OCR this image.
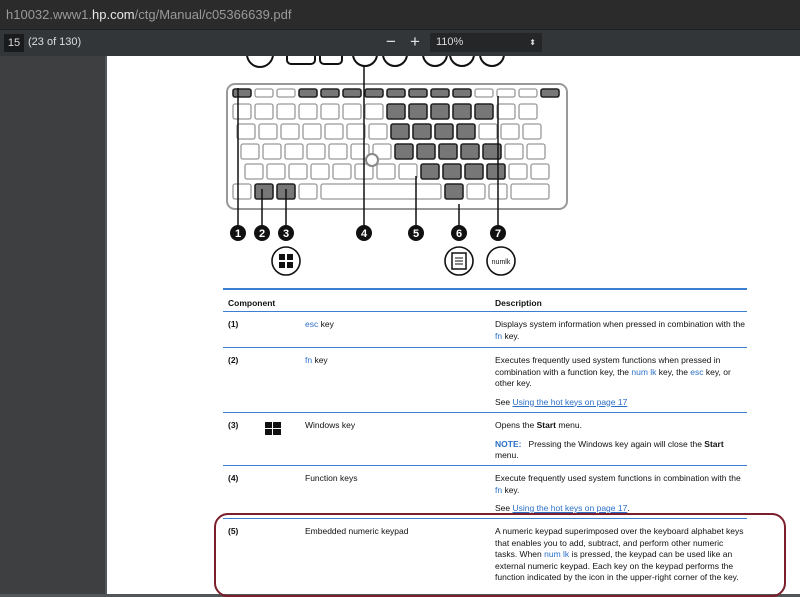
h10032.www1.hp.com/ctg/Manual/c05366639.pdf
15 (23 of 130)	− +	110%	⬍
1 2 3	4	5	6	7
numlk
Component	Description
(1)	esc key	Displays system information when pressed in combination with the fn key.
(2)	fn key	Executes frequently used system functions when pressed in combination with a function key, the num lk key, the esc key, or other key.

See Using the hot keys on page 17

(3)	Windows key	Opens the Start menu.

NOTE: Pressing the Windows key again will close the Start menu.

(4)	Function keys	Execute frequently used system functions in combination with the fn key.

See Using the hot keys on page 17.

(5)	Embedded numeric keypad	A numeric keypad superimposed over the keyboard alphabet keys that enables you to add, subtract, and perform other numeric tasks. When num lk is pressed, the keypad can be used like an external numeric keypad. Each key on the keypad performs the function indicated by the icon in the upper-right corner of the key.
